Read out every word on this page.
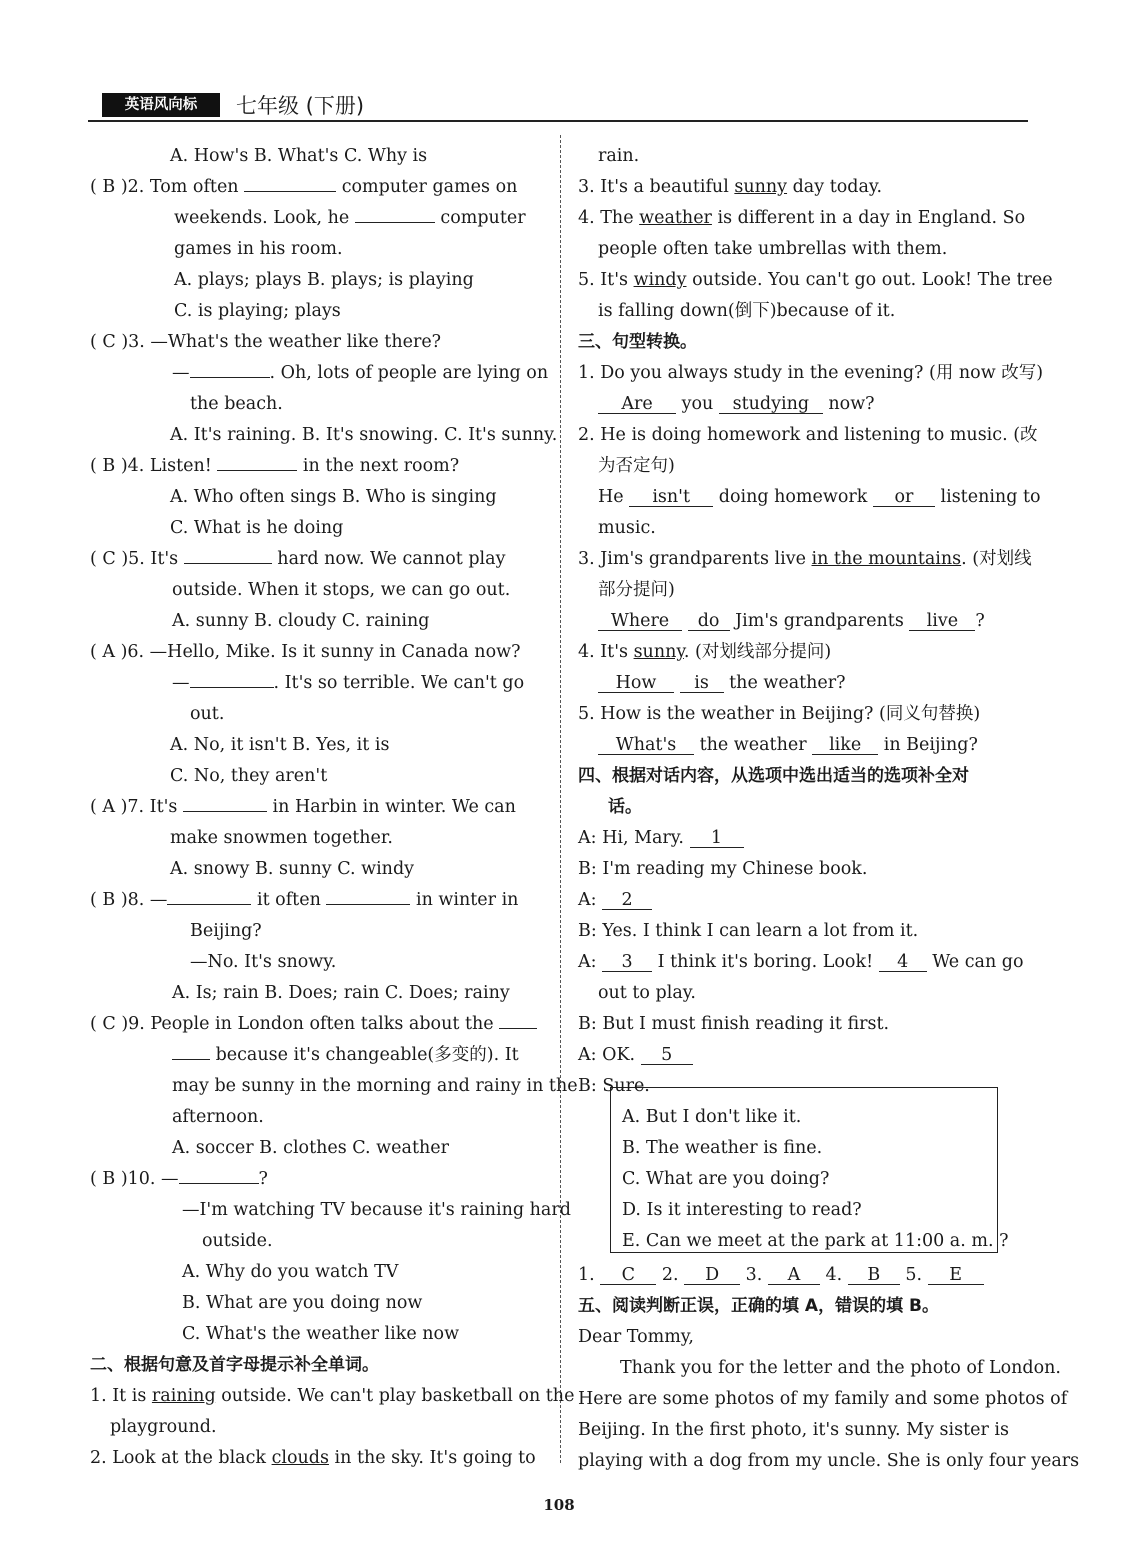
英语风向标	七年级 (下册)
A. How's B. What's C. Why is
( B )2. Tom often	computer games on
weekends. Look, he	computer
games in his room.
A. plays; plays B. plays; is playing
C. is playing; plays
( C )3. —What's the weather like there?
—	. Oh, lots of people are lying on
the beach.
A. It's raining. B. It's snowing. C. It's sunny.
( B )4. Listen!	in the next room?
A. Who often sings B. Who is singing
C. What is he doing
( C )5. It's	hard now. We cannot play
outside. When it stops, we can go out.
A. sunny B. cloudy C. raining
( A )6. —Hello, Mike. Is it sunny in Canada now?
—	. It's so terrible. We can't go
out.
A. No, it isn't B. Yes, it is
C. No, they aren't
( A )7. It's	in Harbin in winter. We can
make snowmen together.
A. snowy B. sunny C. windy
( B )8. —	it often	in winter in
Beijing?
—No. It's snowy.
A. Is; rain B. Does; rain C. Does; rainy
( C )9. People in London often talks about the
because it's changeable(多变的). It
may be sunny in the morning and rainy in the
afternoon.
A. soccer B. clothes C. weather
( B )10. —	?
—I'm watching TV because it's raining hard
outside.
A. Why do you watch TV
B. What are you doing now
C. What's the weather like now
二、根据句意及首字母提示补全单词。
1. It is raining outside. We can't play basketball on the
playground.
2. Look at the black clouds in the sky. It's going to
rain.
3. It's a beautiful sunny day today.
4. The weather is different in a day in England. So
people often take umbrellas with them.
5. It's windy outside. You can't go out. Look! The tree
is falling down(倒下)because of it.
三、句型转换。
1. Do you always study in the evening? (用 now 改写)
Are you studying now?
2. He is doing homework and listening to music. (改
为否定句)
He isn't doing homework or listening to
music.
3. Jim's grandparents live in the mountains. (对划线
部分提问)
Where do Jim's grandparents live ?
4. It's sunny. (对划线部分提问)
How is the weather?
5. How is the weather in Beijing? (同义句替换)
What's the weather like in Beijing?
四、根据对话内容，从选项中选出适当的选项补全对
话。
A: Hi, Mary. 1
B: I'm reading my Chinese book.
A: 2
B: Yes. I think I can learn a lot from it.
A: 3 I think it's boring. Look! 4 We can go
out to play.
B: But I must finish reading it first.
A: OK. 5
B: Sure.
A. But I don't like it.
B. The weather is fine.
C. What are you doing?
D. Is it interesting to read?
E. Can we meet at the park at 11:00 a. m. ?
1. C 2. D 3. A 4. B 5. E
五、阅读判断正误，正确的填 A，错误的填 B。
Dear Tommy,
Thank you for the letter and the photo of London.
Here are some photos of my family and some photos of
Beijing. In the first photo, it's sunny. My sister is
playing with a dog from my uncle. She is only four years
108
